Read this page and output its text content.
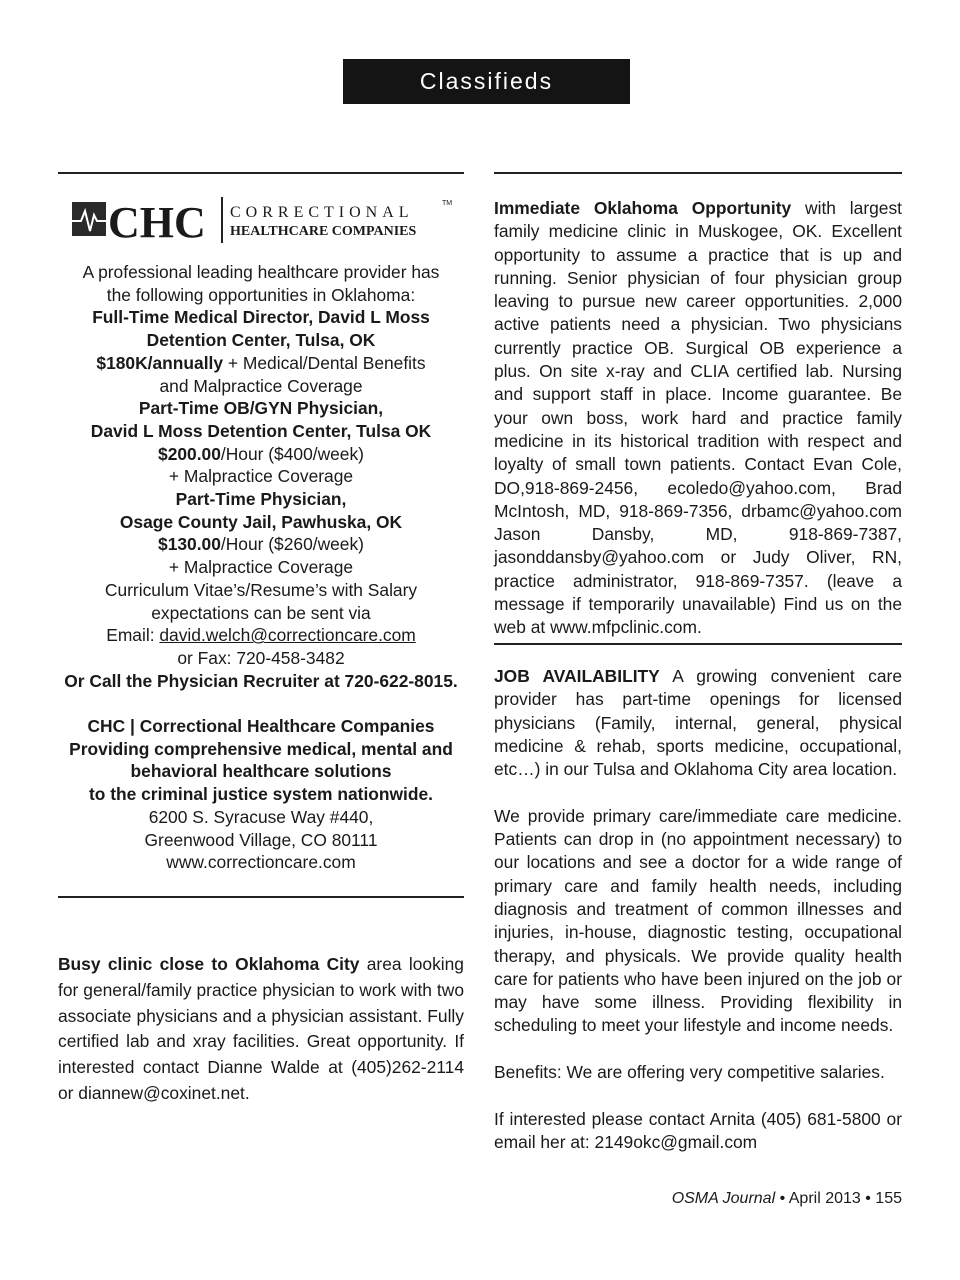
Classifieds
CHC CORRECTIONAL
HEALTHCARE COMPANIES
TM

A professional leading healthcare provider has

the following opportunities in Oklahoma:

Full-Time Medical Director, David L Moss

Detention Center, Tulsa, OK

$180K/annually + Medical/Dental Benefits

and Malpractice Coverage

Part-Time OB/GYN Physician,

David L Moss Detention Center, Tulsa OK

$200.00/Hour ($400/week)

+ Malpractice Coverage

Part-Time Physician,

Osage County Jail, Pawhuska, OK

$130.00/Hour ($260/week)

+ Malpractice Coverage

Curriculum Vitae’s/Resume’s with Salary

expectations can be sent via

Email: david.welch@correctioncare.com

or Fax: 720-458-3482

Or Call the Physician Recruiter at 720-622-8015.

CHC | Correctional Healthcare Companies

Providing comprehensive medical, mental and

behavioral healthcare solutions

to the criminal justice system nationwide.

6200 S. Syracuse Way #440,

Greenwood Village, CO 80111

www.correctioncare.com

Busy clinic close to Oklahoma City area looking for general/family practice physician to work with two associate physicians and a physician assistant. Fully certified lab and xray facilities. Great opportunity. If interested contact Dianne Walde at (405)262-2114 or diannew@coxinet.net.

Immediate Oklahoma Opportunity with largest family medicine clinic in Muskogee, OK. Excellent opportunity to assume a practice that is up and running. Senior physician of four physician group leaving to pursue new career opportunities. 2,000 active patients need a physician. Two physicians currently practice OB. Surgical OB experience a plus. On site x-ray and CLIA certified lab. Nursing and support staff in place. Income guarantee. Be your own boss, work hard and practice family medicine in its historical tradition with respect and loyalty of small town patients. Contact Evan Cole, DO,918-869-2456, ecoledo@yahoo.com, Brad McIntosh, MD, 918-869-7356, drbamc@yahoo.com Jason Dansby, MD, 918-869-7387, jasonddansby@yahoo.com or Judy Oliver, RN, practice administrator, 918-869-7357. (leave a message if temporarily unavailable) Find us on the web at www.mfpclinic.com.

JOB AVAILABILITY A growing convenient care provider has part-time openings for licensed physicians (Family, internal, general, physical medicine & rehab, sports medicine, occupational, etc…) in our Tulsa and Oklahoma City area location.

We provide primary care/immediate care medicine. Patients can drop in (no appointment necessary) to our locations and see a doctor for a wide range of primary care and family health needs, including diagnosis and treatment of common illnesses and injuries, in-house, diagnostic testing, occupational therapy, and physicals. We provide quality health care for patients who have been injured on the job or may have some illness. Providing flexibility in scheduling to meet your lifestyle and income needs.

Benefits: We are offering very competitive salaries.

If interested please contact Arnita (405) 681-5800 or email her at: 2149okc@gmail.com

OSMA Journal • April 2013 • 155
